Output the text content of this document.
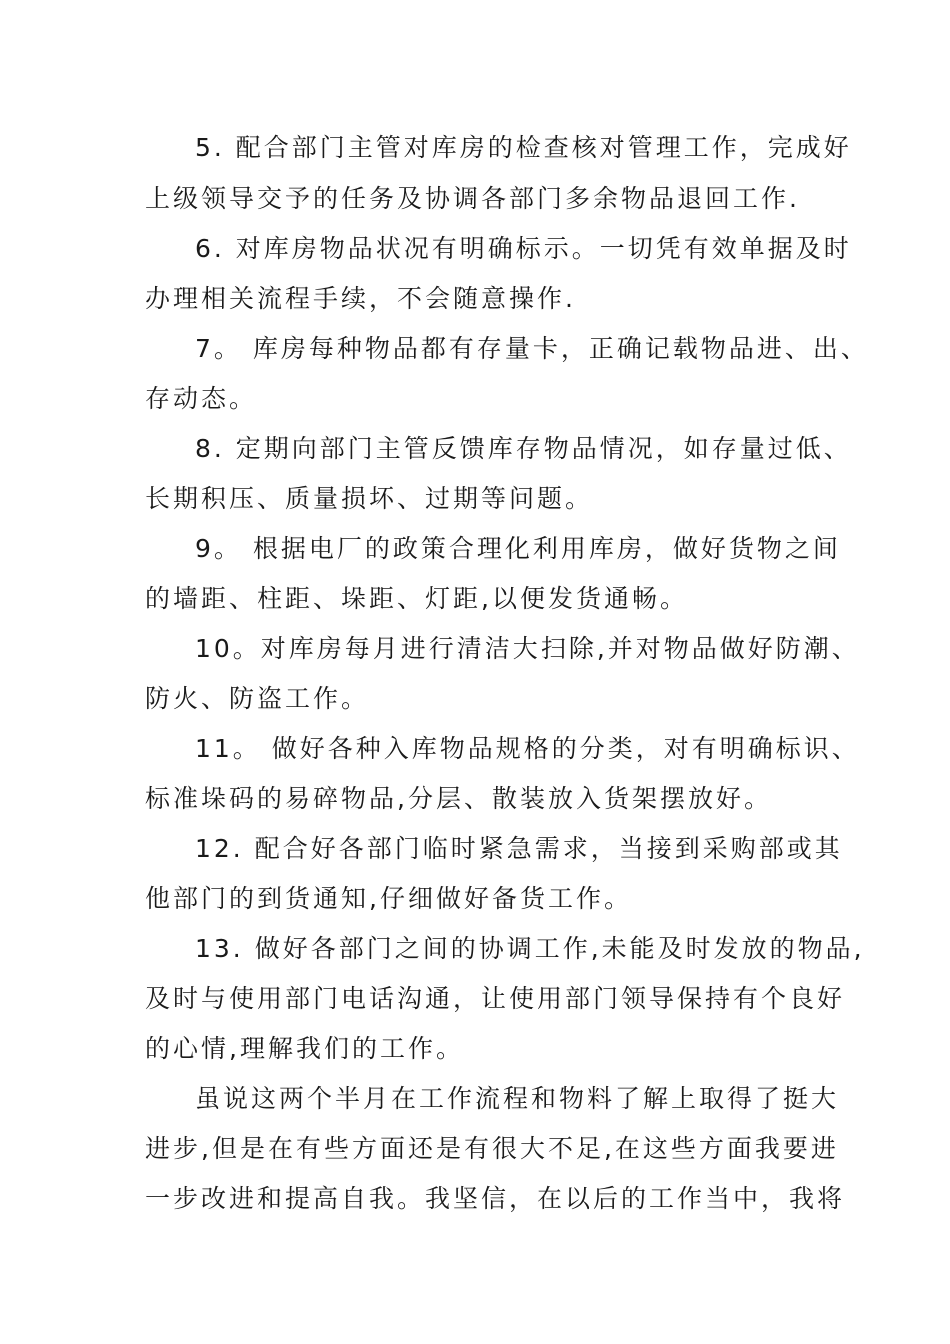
5. 配合部门主管对库房的检查核对管理工作，完成好

上级领导交予的任务及协调各部门多余物品退回工作.

6. 对库房物品状况有明确标示。一切凭有效单据及时

办理相关流程手续，不会随意操作.

7。 库房每种物品都有存量卡，正确记载物品进、出、

存动态。

8. 定期向部门主管反馈库存物品情况，如存量过低、

长期积压、质量损坏、过期等问题。

9。 根据电厂的政策合理化利用库房，做好货物之间

的墙距、柱距、垛距、灯距,以便发货通畅。

10。对库房每月进行清洁大扫除,并对物品做好防潮、

防火、防盗工作。

11。 做好各种入库物品规格的分类，对有明确标识、

标准垛码的易碎物品,分层、散装放入货架摆放好。

12. 配合好各部门临时紧急需求，当接到采购部或其

他部门的到货通知,仔细做好备货工作。

13. 做好各部门之间的协调工作,未能及时发放的物品,

及时与使用部门电话沟通，让使用部门领导保持有个良好

的心情,理解我们的工作。

虽说这两个半月在工作流程和物料了解上取得了挺大

进步,但是在有些方面还是有很大不足,在这些方面我要进

一步改进和提高自我。我坚信，在以后的工作当中，我将
